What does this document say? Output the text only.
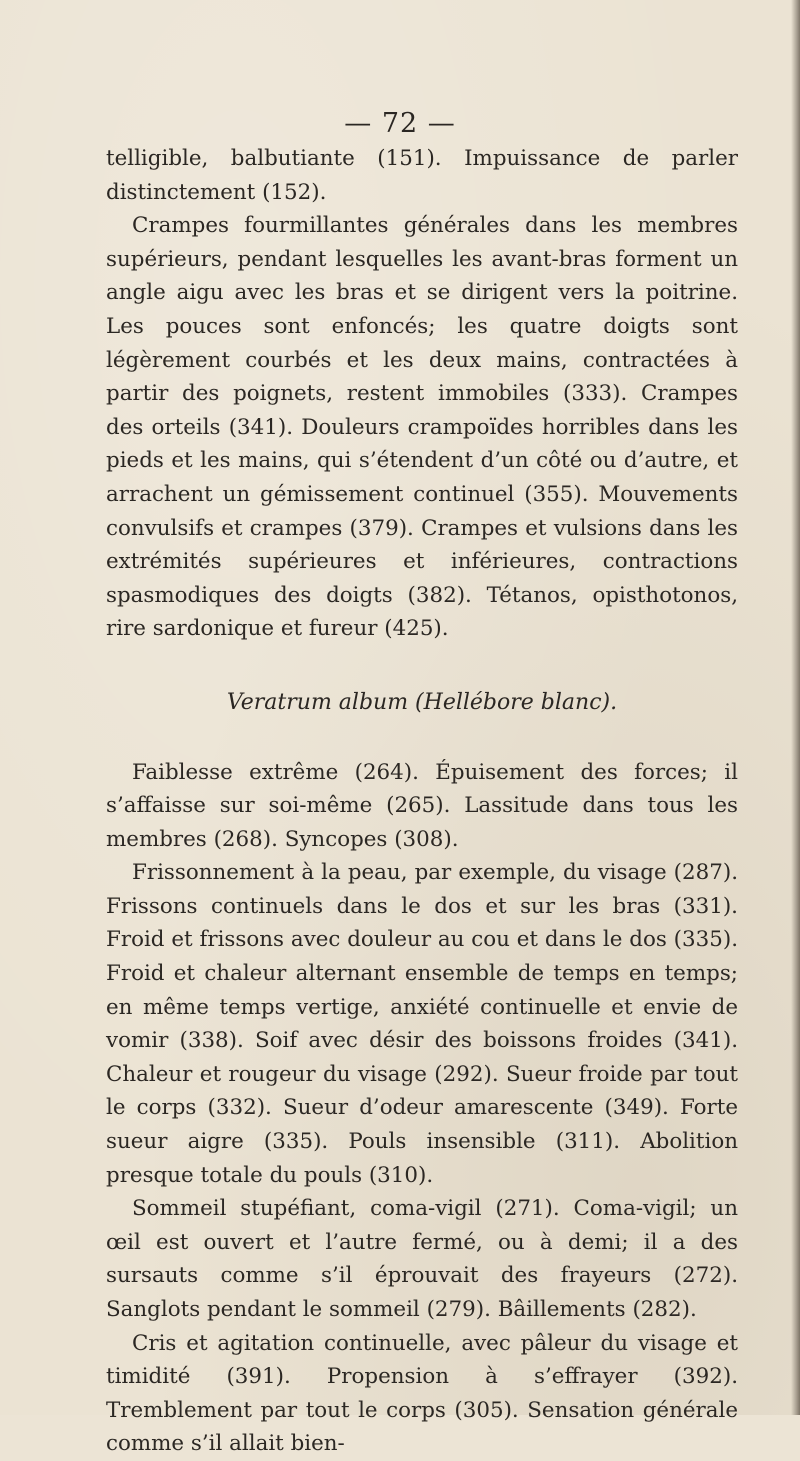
— 72 —

telligible, balbutiante (151). Impuissance de parler distinctement (152).

Crampes fourmillantes générales dans les membres supérieurs, pendant lesquelles les avant-bras forment un angle aigu avec les bras et se dirigent vers la poitrine. Les pouces sont enfoncés; les quatre doigts sont légèrement courbés et les deux mains, contractées à partir des poignets, restent immobiles (333). Crampes des orteils (341). Douleurs crampoïdes horribles dans les pieds et les mains, qui s’étendent d’un côté ou d’autre, et arrachent un gémissement continuel (355). Mouvements convulsifs et crampes (379). Crampes et vulsions dans les extrémités supérieures et inférieures, contractions spasmodiques des doigts (382). Tétanos, opisthotonos, rire sardonique et fureur (425).

Veratrum album (Hellébore blanc).

Faiblesse extrême (264). Épuisement des forces; il s’affaisse sur soi-même (265). Lassitude dans tous les membres (268). Syncopes (308).

Frissonnement à la peau, par exemple, du visage (287). Frissons continuels dans le dos et sur les bras (331). Froid et frissons avec douleur au cou et dans le dos (335). Froid et chaleur alternant ensemble de temps en temps; en même temps vertige, anxiété continuelle et envie de vomir (338). Soif avec désir des boissons froides (341). Chaleur et rougeur du visage (292). Sueur froide par tout le corps (332). Sueur d’odeur amarescente (349). Forte sueur aigre (335). Pouls insensible (311). Abolition presque totale du pouls (310).

Sommeil stupéfiant, coma-vigil (271). Coma-vigil; un œil est ouvert et l’autre fermé, ou à demi; il a des sursauts comme s’il éprouvait des frayeurs (272). Sanglots pendant le sommeil (279). Bâillements (282).

Cris et agitation continuelle, avec pâleur du visage et timidité (391). Propension à s’effrayer (392). Tremblement par tout le corps (305). Sensation générale comme s’il allait bien-
